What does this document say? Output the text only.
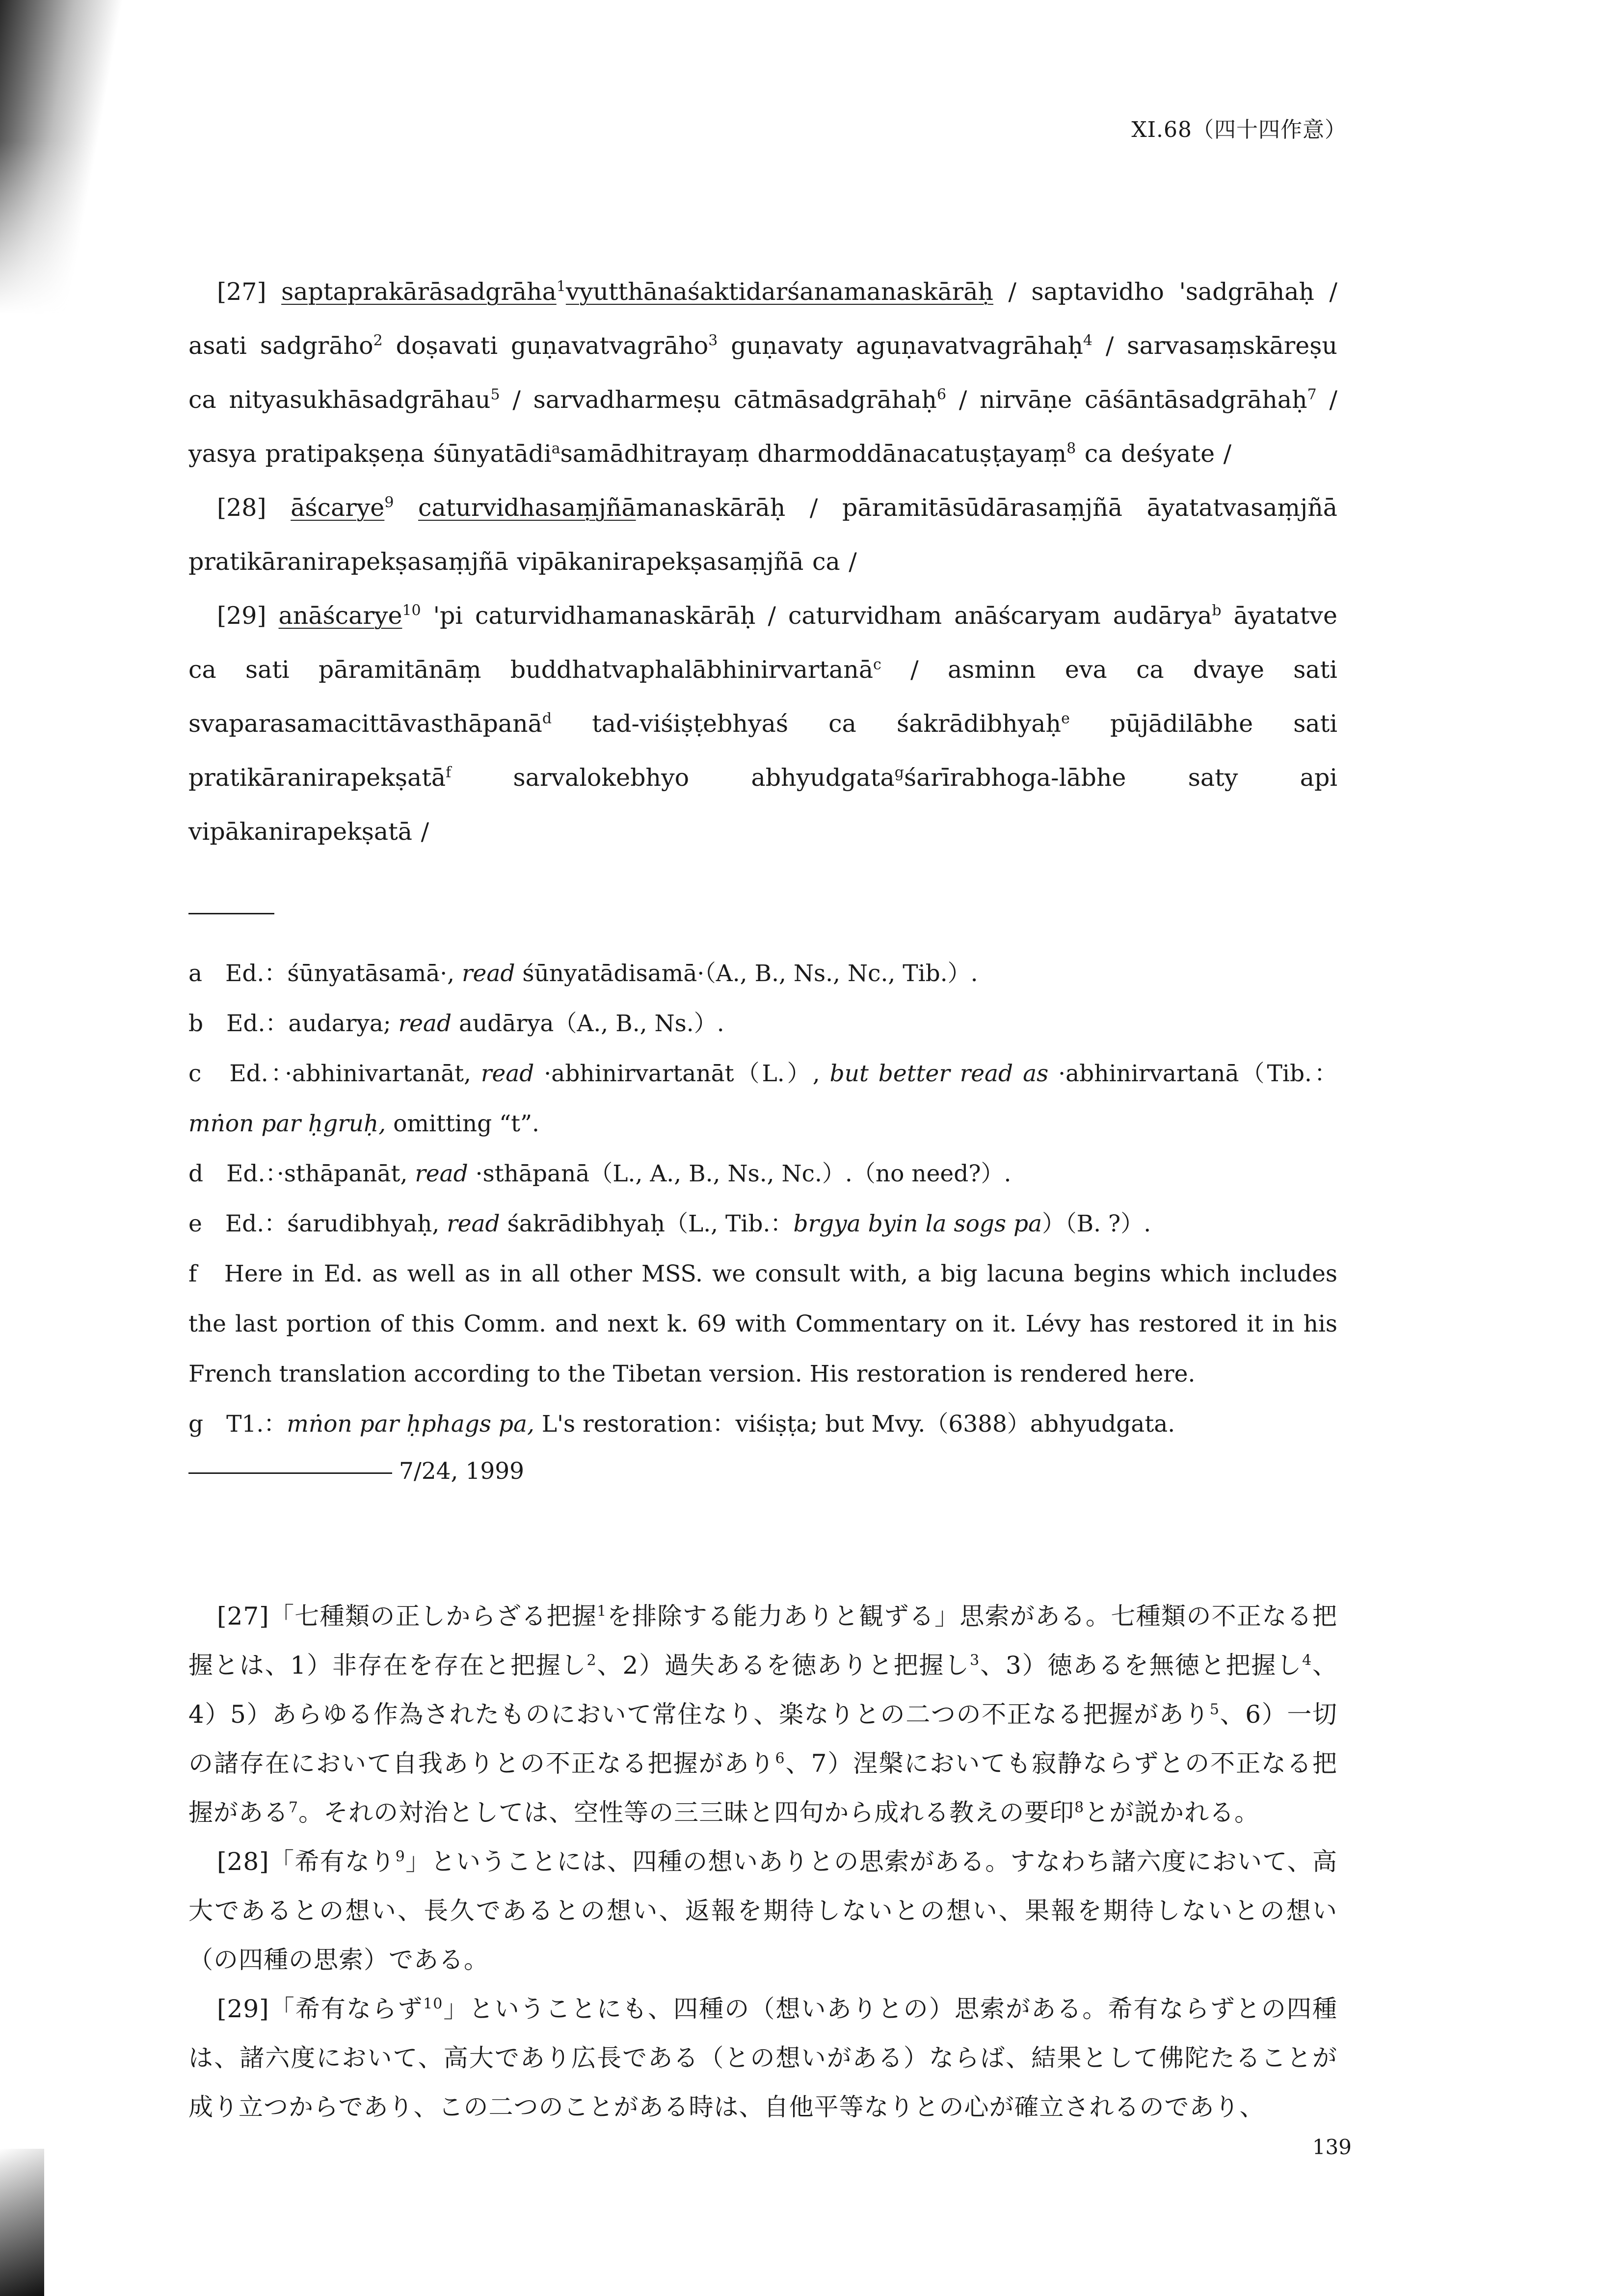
XI.68（四十四作意）

[27] saptaprakārāsadgrāha$^1$vyutthānaśaktidarśanamanaskārāḥ / saptavidho 'sadgrāhaḥ / asati sadgrāho$^2$ doṣavati guṇavatvagrāho$^3$ guṇavaty aguṇavatvagrāhaḥ$^4$ / sarvasaṃskāreṣu ca nityasukhāsadgrāhau$^5$ / sarvadharmeṣu cātmāsadgrāhaḥ$^6$ / nirvāṇe cāśāntāsadgrāhaḥ$^7$ / yasya pratipakṣeṇa śūnyatādi$^a$samādhitrayaṃ dharmoddānacatuṣṭayaṃ$^8$ ca deśyate /

[28] āścarye$^9$ caturvidhasaṃjñāmanaskārāḥ / pāramitāsūdārasaṃjñā āyatatvasaṃjñā pratikāranirapekṣasaṃjñā vipākanirapekṣasaṃjñā ca /

[29] anāścarye$^{10}$ 'pi caturvidhamanaskārāḥ / caturvidham anāścaryam audārya$^b$ āyatatve ca sati pāramitānāṃ buddhatvaphalābhinirvartanā$^c$ / asminn eva ca dvaye sati svaparasamacittāvasthāpanā$^d$ tad-viśiṣṭebhyaś ca śakrādibhyaḥ$^e$ pūjādilābhe sati pratikāranirapekṣatā$^f$ sarvalokebhyo abhyudgata$^g$śarīrabhoga-lābhe saty api vipākanirapekṣatā /

a　Ed.：śūnyatāsamā·, read śūnyatādisamā·（A., B., Ns., Nc., Tib.）.

b　Ed.：audarya; read audārya（A., B., Ns.）.

c　Ed.：·abhinivartanāt, read ·abhinirvartanāt（L.）, but better read as ·abhinirvartanā（Tib.：mṅon par ḥgruḥ, omitting “t”.

d　Ed.：·sthāpanāt, read ·sthāpanā（L., A., B., Ns., Nc.）.（no need?）.

e　Ed.：śarudibhyaḥ, read śakrādibhyaḥ（L., Tib.：brgya byin la sogs pa）（B. ?）.

f　Here in Ed. as well as in all other MSS. we consult with, a big lacuna begins which includes the last portion of this Comm. and next k. 69 with Commentary on it. Lévy has restored it in his French translation according to the Tibetan version. His restoration is rendered here.

g　T1.：mṅon par ḥphags pa, L's restoration：viśiṣṭa; but Mvy.（6388）abhyudgata.

7/24, 1999

[27]「七種類の正しからざる把握$^1$を排除する能力ありと観ずる」思索がある。七種類の不正なる把握とは、1）非存在を存在と把握し$^2$、2）過失あるを徳ありと把握し$^3$、3）徳あるを無徳と把握し$^4$、4）5）あらゆる作為されたものにおいて常住なり、楽なりとの二つの不正なる把握があり$^5$、6）一切の諸存在において自我ありとの不正なる把握があり$^6$、7）涅槃においても寂静ならずとの不正なる把握がある$^7$。それの対治としては、空性等の三三昧と四句から成れる教えの要印$^8$とが説かれる。

[28]「希有なり$^9$」ということには、四種の想いありとの思索がある。すなわち諸六度において、高大であるとの想い、長久であるとの想い、返報を期待しないとの想い、果報を期待しないとの想い（の四種の思索）である。

[29]「希有ならず$^{10}$」ということにも、四種の（想いありとの）思索がある。希有ならずとの四種は、諸六度において、高大であり広長である（との想いがある）ならば、結果として佛陀たることが成り立つからであり、この二つのことがある時は、自他平等なりとの心が確立されるのであり、

139
